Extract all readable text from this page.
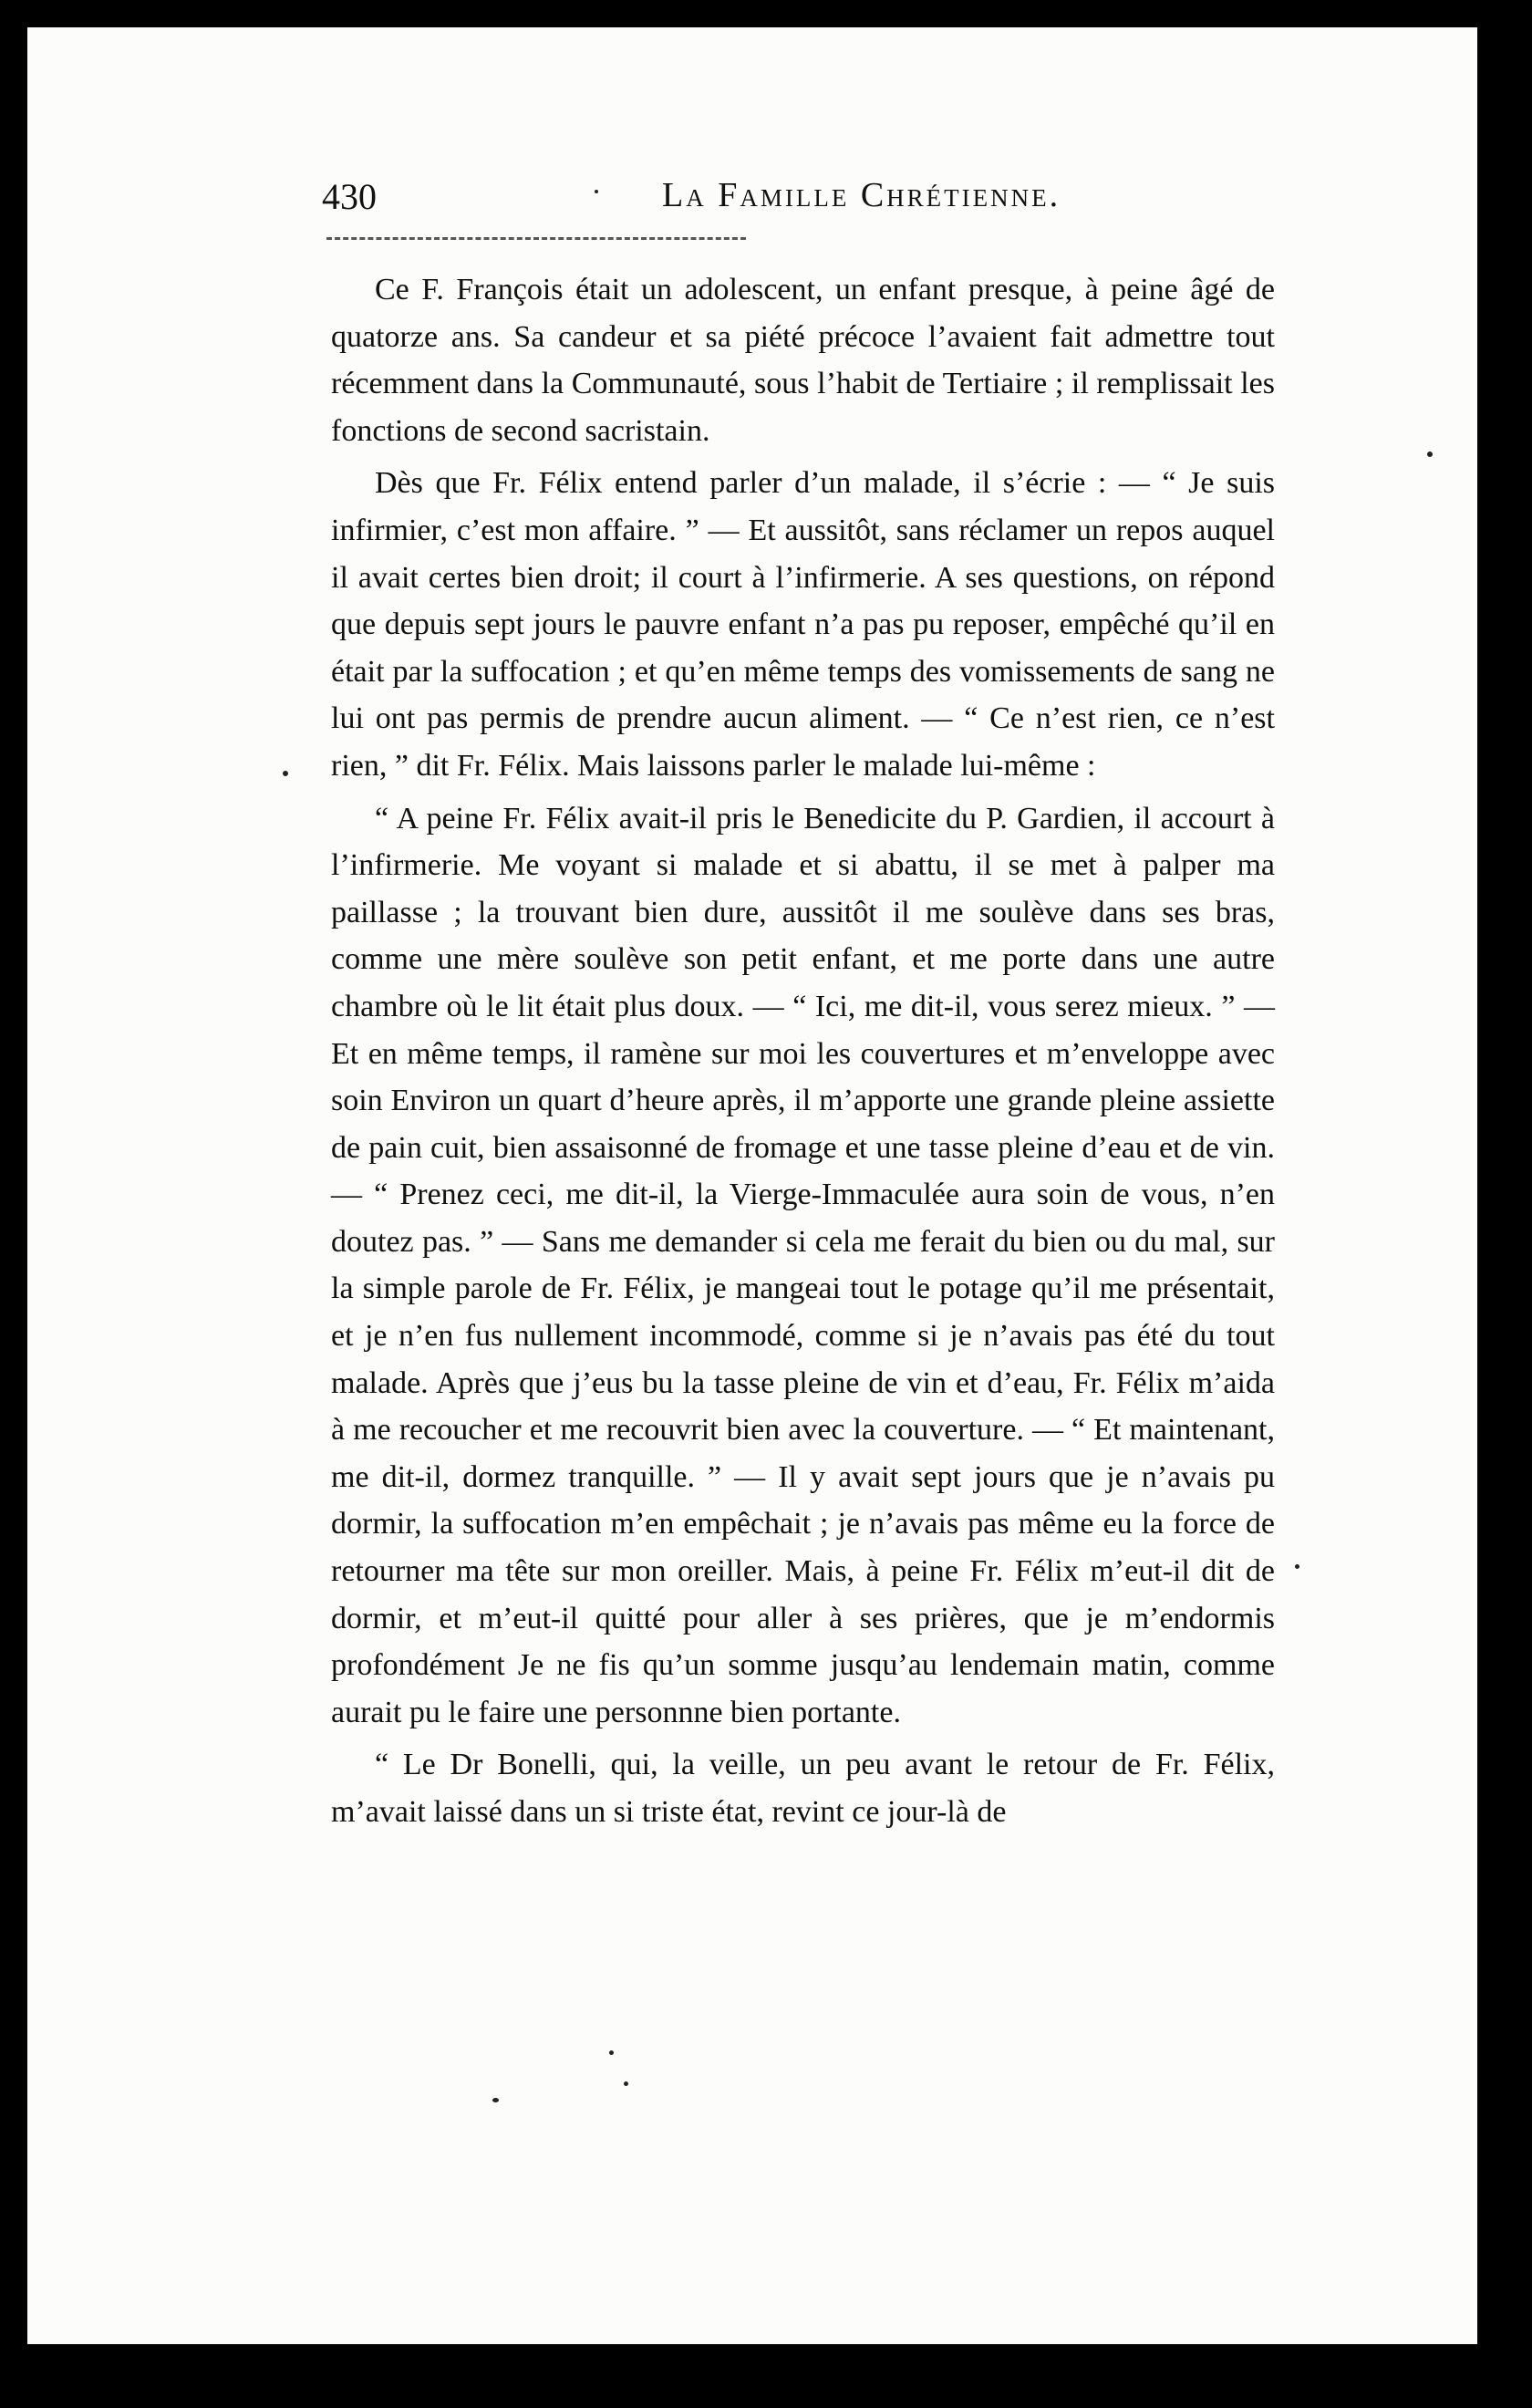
430	La Famille Chrétienne.

Ce F. François était un adolescent, un enfant presque, à peine âgé de quatorze ans. Sa candeur et sa piété précoce l’avaient fait admettre tout récemment dans la Communauté, sous l’habit de Tertiaire ; il remplissait les fonctions de second sacristain.

Dès que Fr. Félix entend parler d’un malade, il s’écrie : — “ Je suis infirmier, c’est mon affaire. ” — Et aussitôt, sans réclamer un repos auquel il avait certes bien droit; il court à l’infirmerie. A ses questions, on répond que depuis sept jours le pauvre enfant n’a pas pu reposer, empêché qu’il en était par la suffocation ; et qu’en même temps des vomissements de sang ne lui ont pas permis de prendre aucun aliment. — “ Ce n’est rien, ce n’est rien, ” dit Fr. Félix. Mais laissons parler le malade lui-même :

“ A peine Fr. Félix avait-il pris le Benedicite du P. Gardien, il accourt à l’infirmerie. Me voyant si malade et si abattu, il se met à palper ma paillasse ; la trouvant bien dure, aussitôt il me soulève dans ses bras, comme une mère soulève son petit enfant, et me porte dans une autre chambre où le lit était plus doux. — “ Ici, me dit-il, vous serez mieux. ” — Et en même temps, il ramène sur moi les couvertures et m’enveloppe avec soin Environ un quart d’heure après, il m’apporte une grande pleine assiette de pain cuit, bien assaisonné de fromage et une tasse pleine d’eau et de vin. — “ Prenez ceci, me dit-il, la Vierge-Immaculée aura soin de vous, n’en doutez pas. ” — Sans me demander si cela me ferait du bien ou du mal, sur la simple parole de Fr. Félix, je mangeai tout le potage qu’il me présentait, et je n’en fus nullement incommodé, comme si je n’avais pas été du tout malade. Après que j’eus bu la tasse pleine de vin et d’eau, Fr. Félix m’aida à me recoucher et me recouvrit bien avec la couverture. — “ Et maintenant, me dit-il, dormez tranquille. ” — Il y avait sept jours que je n’avais pu dormir, la suffocation m’en empêchait ; je n’avais pas même eu la force de retourner ma tête sur mon oreiller. Mais, à peine Fr. Félix m’eut-il dit de dormir, et m’eut-il quitté pour aller à ses prières, que je m’endormis profondément Je ne fis qu’un somme jusqu’au lendemain matin, comme aurait pu le faire une personnne bien portante.

“ Le Dr Bonelli, qui, la veille, un peu avant le retour de Fr. Félix, m’avait laissé dans un si triste état, revint ce jour-là de
